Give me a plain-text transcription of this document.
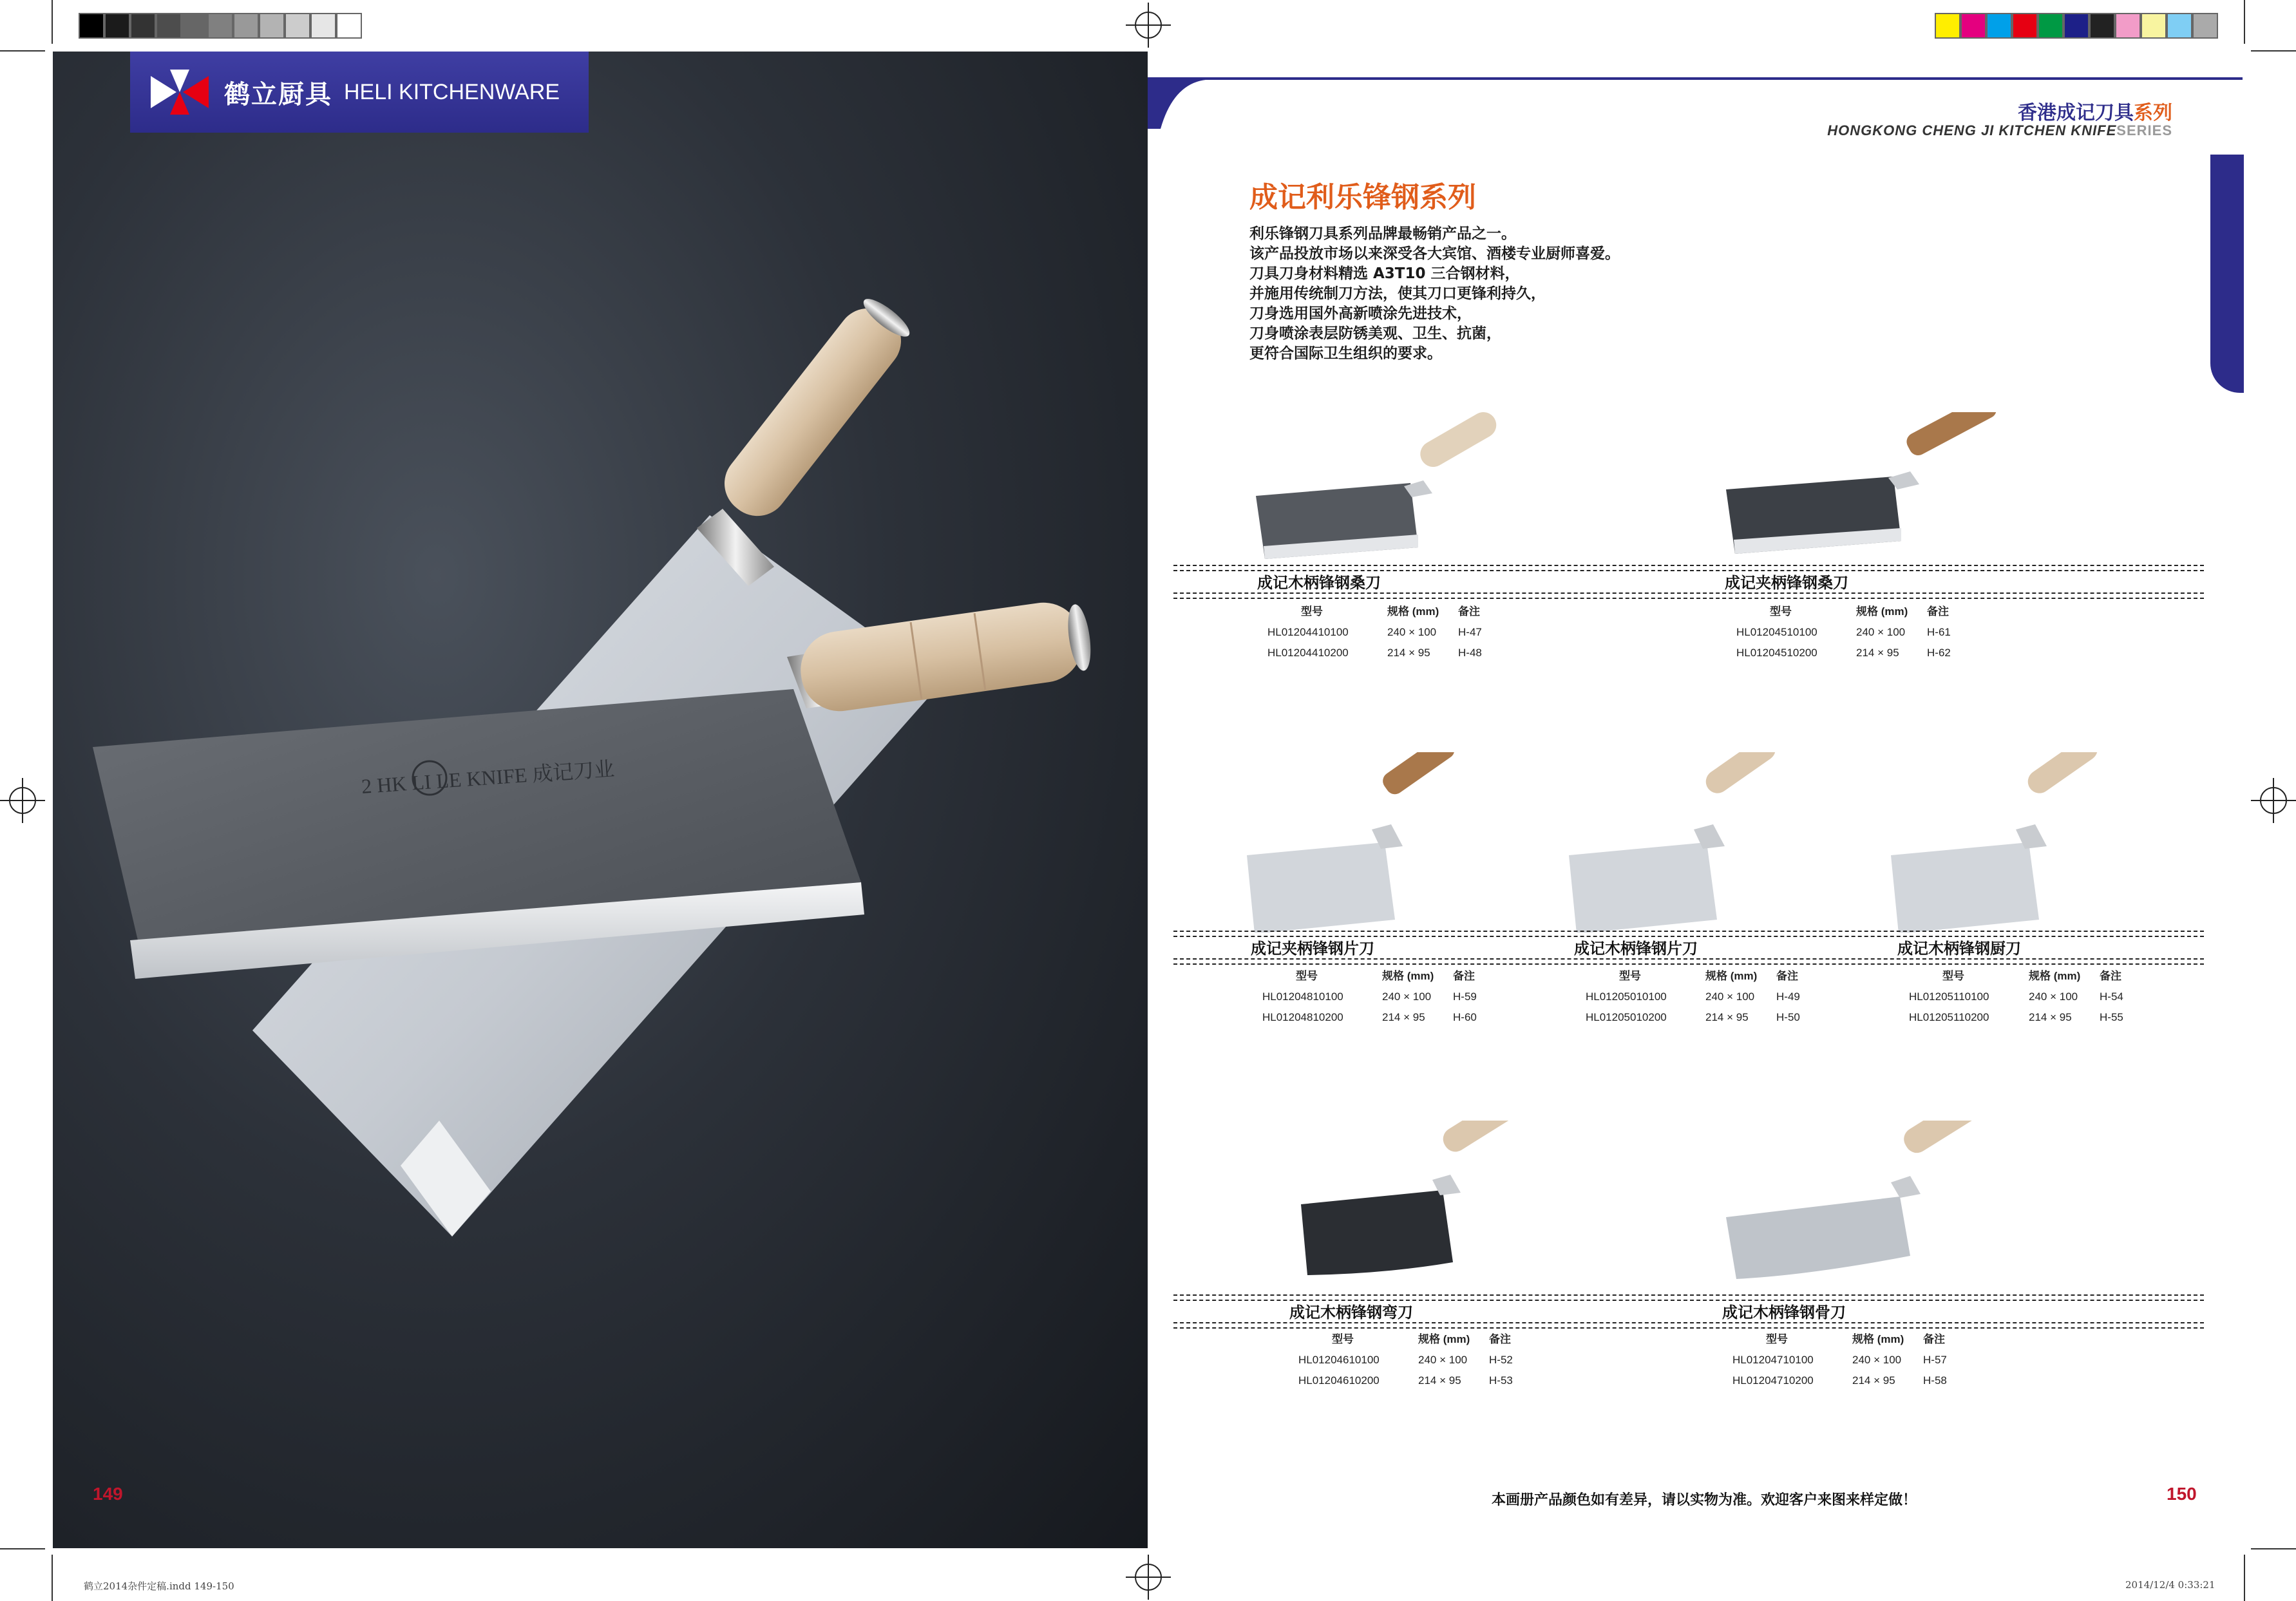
2 HK LI LE KNIFE 成记刀业
鹤立厨具 HELI KITCHENWARE
149
香港成记刀具系列
HONGKONG CHENG JI KITCHEN KNIFESERIES
成记利乐锋钢系列
利乐锋钢刀具系列品牌最畅销产品之一。
该产品投放市场以来深受各大宾馆、酒楼专业厨师喜爱。
刀具刀身材料精选 A3T10 三合钢材料，
并施用传统制刀方法，使其刀口更锋利持久，
刀身选用国外高新喷涂先进技术，
刀身喷涂表层防锈美观、卫生、抗菌，
更符合国际卫生组织的要求。
成记木柄锋钢桑刀	成记夹柄锋钢桑刀
成记夹柄锋钢片刀	成记木柄锋钢片刀	成记木柄锋钢厨刀
成记木柄锋钢弯刀	成记木柄锋钢骨刀
型号	规格 (mm)	备注
HL01204410100	240 × 100	H-47
HL01204410200	214 × 95	H-48
型号	规格 (mm)	备注
HL01204510100	240 × 100	H-61
HL01204510200	214 × 95	H-62
型号	规格 (mm)	备注
HL01204810100	240 × 100	H-59
HL01204810200	214 × 95	H-60
型号	规格 (mm)	备注
HL01205010100	240 × 100	H-49
HL01205010200	214 × 95	H-50
型号	规格 (mm)	备注
HL01205110100	240 × 100	H-54
HL01205110200	214 × 95	H-55
型号	规格 (mm)	备注
HL01204610100	240 × 100	H-52
HL01204610200	214 × 95	H-53
型号	规格 (mm)	备注
HL01204710100	240 × 100	H-57
HL01204710200	214 × 95	H-58
本画册产品颜色如有差异，请以实物为准。欢迎客户来图来样定做！	150
鹤立2014杂件定稿.indd 149-150	2014/12/4 0:33:21
